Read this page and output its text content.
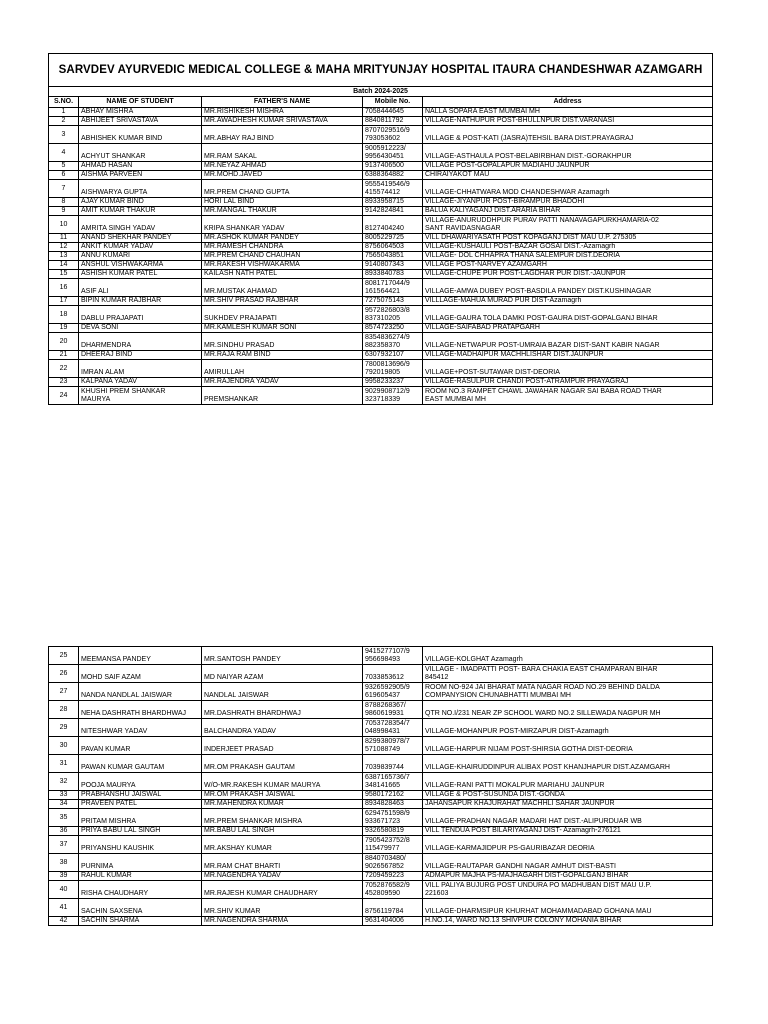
SARVDEV AYURVEDIC MEDICAL COLLEGE & MAHA MRITYUNJAY HOSPITAL ITAURA CHANDESHWAR AZAMGARH				
Batch 2024-2025				
S.NO.	NAME OF STUDENT	FATHER'S NAME	Mobile No.	Address
1	ABHAY MISHRA	MR.RISHIKESH MISHRA	7058444645	NALLA SOPARA EAST MUMBAI MH
2	ABHIJEET SRIVASTAVA	MR.AWADHESH KUMAR SRIVASTAVA	8840811792	VILLAGE-NATHUPUR POST-BHULLNPUR DIST.VARANASI
3	ABHISHEK KUMAR BIND	MR.ABHAY RAJ BIND	8707029516/9
793053602	VILLAGE & POST-KATI (JASRA)TEHSIL BARA DIST.PRAYAGRAJ
4	ACHYUT SHANKAR	MR.RAM SAKAL	9005912223/
9956430451	VILLAGE-ASTHAULA POST-BELABIRBHAN DIST.-GORAKHPUR
5	AHMAD HASAN	MR.NEYAZ AHMAD	9137406500	VILLAGE POST-GOPALAPUR MADIAHU JAUNPUR
6	AISHMA PARVEEN	MR.MOHD.JAVED	6388364882	CHIRAIYAKOT MAU
7	AISHWARYA GUPTA	MR.PREM CHAND GUPTA	9555419546/9
415574412	VILLAGE-CHHATWARA MOD CHANDESHWAR Azamagrh
8	AJAY KUMAR BIND	HORI LAL BIND	8933958715	VILLAGE-JIYANPUR POST-BIRAMPUR BHADOHI
9	AMIT KUMAR THAKUR	MR.MANGAL THAKUR	9142824841	BALUA KALIYAGANJ DIST.ARARIA BIHAR
10	AMRITA SINGH YADAV	KRIPA SHANKAR YADAV	8127404240	VILLAGE-ANURUDDHPUR PURAV PATTI NANAVAGAPURKHAMARIA-02
SANT RAVIDASNAGAR
11	ANAND SHEKHAR PANDEY	MR.ASHOK KUMAR PANDEY	8005229725	VILL DHAWARIYASATH POST KOPAGANJ DIST MAU U.P. 275305
12	ANKIT KUMAR YADAV	MR.RAMESH CHANDRA	8756064503	VILLAGE-KUSHAULI POST-BAZAR GOSAI DIST.-Azamagrh
13	ANNU KUMARI	MR.PREM CHAND CHAUHAN	7565043851	VILLAGE- DOL CHHAPRA THANA SALEMPUR DIST.DEORIA
14	ANSHUL VISHWAKARMA	MR.RAKESH VISHWAKARMA	9140807343	VILLAGE POST-NARVEY AZAMGARH
15	ASHISH KUMAR PATEL	KAILASH NATH PATEL	8933840783	VILLAGE-CHUPE PUR POST-LAGDHAR PUR DIST.-JAUNPUR
16	ASIF ALI	MR.MUSTAK AHAMAD	8081717044/9
161564421	VILLAGE-AMWA DUBEY POST-BASDILA PANDEY DIST.KUSHINAGAR
17	BIPIN KUMAR RAJBHAR	MR.SHIV PRASAD RAJBHAR	7275075143	VILLLAGE-MAHUA MURAD PUR DIST-Azamagrh
18	DABLU PRAJAPATI	SUKHDEV PRAJAPATI	9572826803/8
837310205	VILLAGE-GAURA TOLA DAMKI POST-GAURA DIST-GOPALGANJ BIHAR
19	DEVA SONI	MR.KAMLESH KUMAR SONI	8574723250	VILLAGE-SAIFABAD PRATAPGARH
20	DHARMENDRA	MR.SINDHU PRASAD	8354836274/9
882358370	VILLAGE-NETWAPUR POST-UMRAIA BAZAR DIST-SANT KABIR NAGAR
21	DHEERAJ BIND	MR.RAJA RAM BIND	6307932107	VILLAGE-MADHAIPUR MACHHLISHAR DIST.JAUNPUR
22	IMRAN ALAM	AMIRULLAH	7800813696/9
792019805	VILLAGE+POST-SUTAWAR DIST-DEORIA
23	KALPANA YADAV	MR.RAJENDRA YADAV	9958233237	VILLAGE-RASULPUR CHANDI POST-ATRAMPUR PRAYAGRAJ
24	KHUSHI PREM SHANKAR
MAURYA	PREMSHANKAR	9029908712/9
323718339	ROOM NO.3 RAMPET CHAWL JAWAHAR NAGAR SAI BABA ROAD THAR
EAST MUMBAI MH
25	MEEMANSA PANDEY	MR.SANTOSH PANDEY	9415277107/9
956698493	VILLAGE-KOLGHAT Azamagrh
26	MOHD SAIF AZAM	MD NAIYAR AZAM	7033853612	VILLAGE - IMADPATTI POST- BARA CHAKIA EAST CHAMPARAN BIHAR
845412
27	NANDA NANDLAL JAISWAR	NANDLAL JAISWAR	9326592905/9
619605437	ROOM NO-924 JAI BHARAT MATA NAGAR ROAD NO.29 BEHIND DALDA
COMPANYSION CHUNABHATTI MUMBAI MH
28	NEHA DASHRATH BHARDHWAJ	MR.DASHRATH BHARDHWAJ	8788268367/
9860619931	QTR NO.I/231 NEAR ZP SCHOOL WARD NO.2 SILLEWADA NAGPUR MH
29	NITESHWAR YADAV	BALCHANDRA YADAV	7053728354/7
048998431	VILLAGE-MOHANPUR POST-MIRZAPUR DIST-Azamagrh
30	PAVAN KUMAR	INDERJEET PRASAD	8299380978/7
571088749	VILLAGE-HARPUR NIJAM POST-SHIRSIA GOTHA DIST-DEORIA
31	PAWAN KUMAR GAUTAM	MR.OM PRAKASH GAUTAM	7039839744	VILLAGE-KHAIRUDDINPUR ALIBAX POST KHANJHAPUR DIST.AZAMGARH
32	POOJA MAURYA	W/O-MR.RAKESH KUMAR MAURYA	6387165736/7
348141665	VILLAGE-RANI PATTI MOKALPUR MARIAHU JAUNPUR
33	PRABHANSHU JAISWAL	MR.OM PRAKASH JAISWAL	9580172162	VILLAGE & POST-SUSUNDA DIST.-GONDA
34	PRAVEEN PATEL	MR.MAHENDRA KUMAR	8934828463	JAHANSAPUR KHAJURAHAT MACHHLI SAHAR JAUNPUR
35	PRITAM MISHRA	MR.PREM SHANKAR MISHRA	6294751598/9
933671723	VILLAGE-PRADHAN NAGAR MADARI HAT DIST.-ALIPURDUAR WB
36	PRIYA BABU LAL SINGH	MR.BABU LAL SINGH	9326580819	VILL TENDUA POST BILARIYAGANJ DIST- Azamagrh-276121
37	PRIYANSHU KAUSHIK	MR.AKSHAY KUMAR	7905423752/8
115479977	VILLAGE-KARMAJIDPUR PS-GAURIBAZAR DEORIA
38	PURNIMA	MR.RAM CHAT BHARTI	8840703480/
9026567852	VILLAGE-RAUTAPAR GANDHI NAGAR AMHUT DIST-BASTI
39	RAHUL KUMAR	MR.NAGENDRA YADAV	7209459223	ADMAPUR MAJHA PS-MAJHAGARH DIST-GOPALGANJ BIHAR
40	RISHA CHAUDHARY	MR.RAJESH KUMAR CHAUDHARY	7052876582/9
452809590	VILL PALIYA BUJURG POST UNDURA PO MADHUBAN DIST MAU U.P.
221603
41	SACHIN SAXSENA	MR.SHIV KUMAR	8756119784	VILLAGE-DHARMSIPUR KHURHAT MOHAMMADABAD GOHANA MAU
42	SACHIN SHARMA	MR.NAGENDRA SHARMA	9631404006	H.NO.14, WARD NO.13 SHIVPUR COLONY MOHANIA BIHAR
